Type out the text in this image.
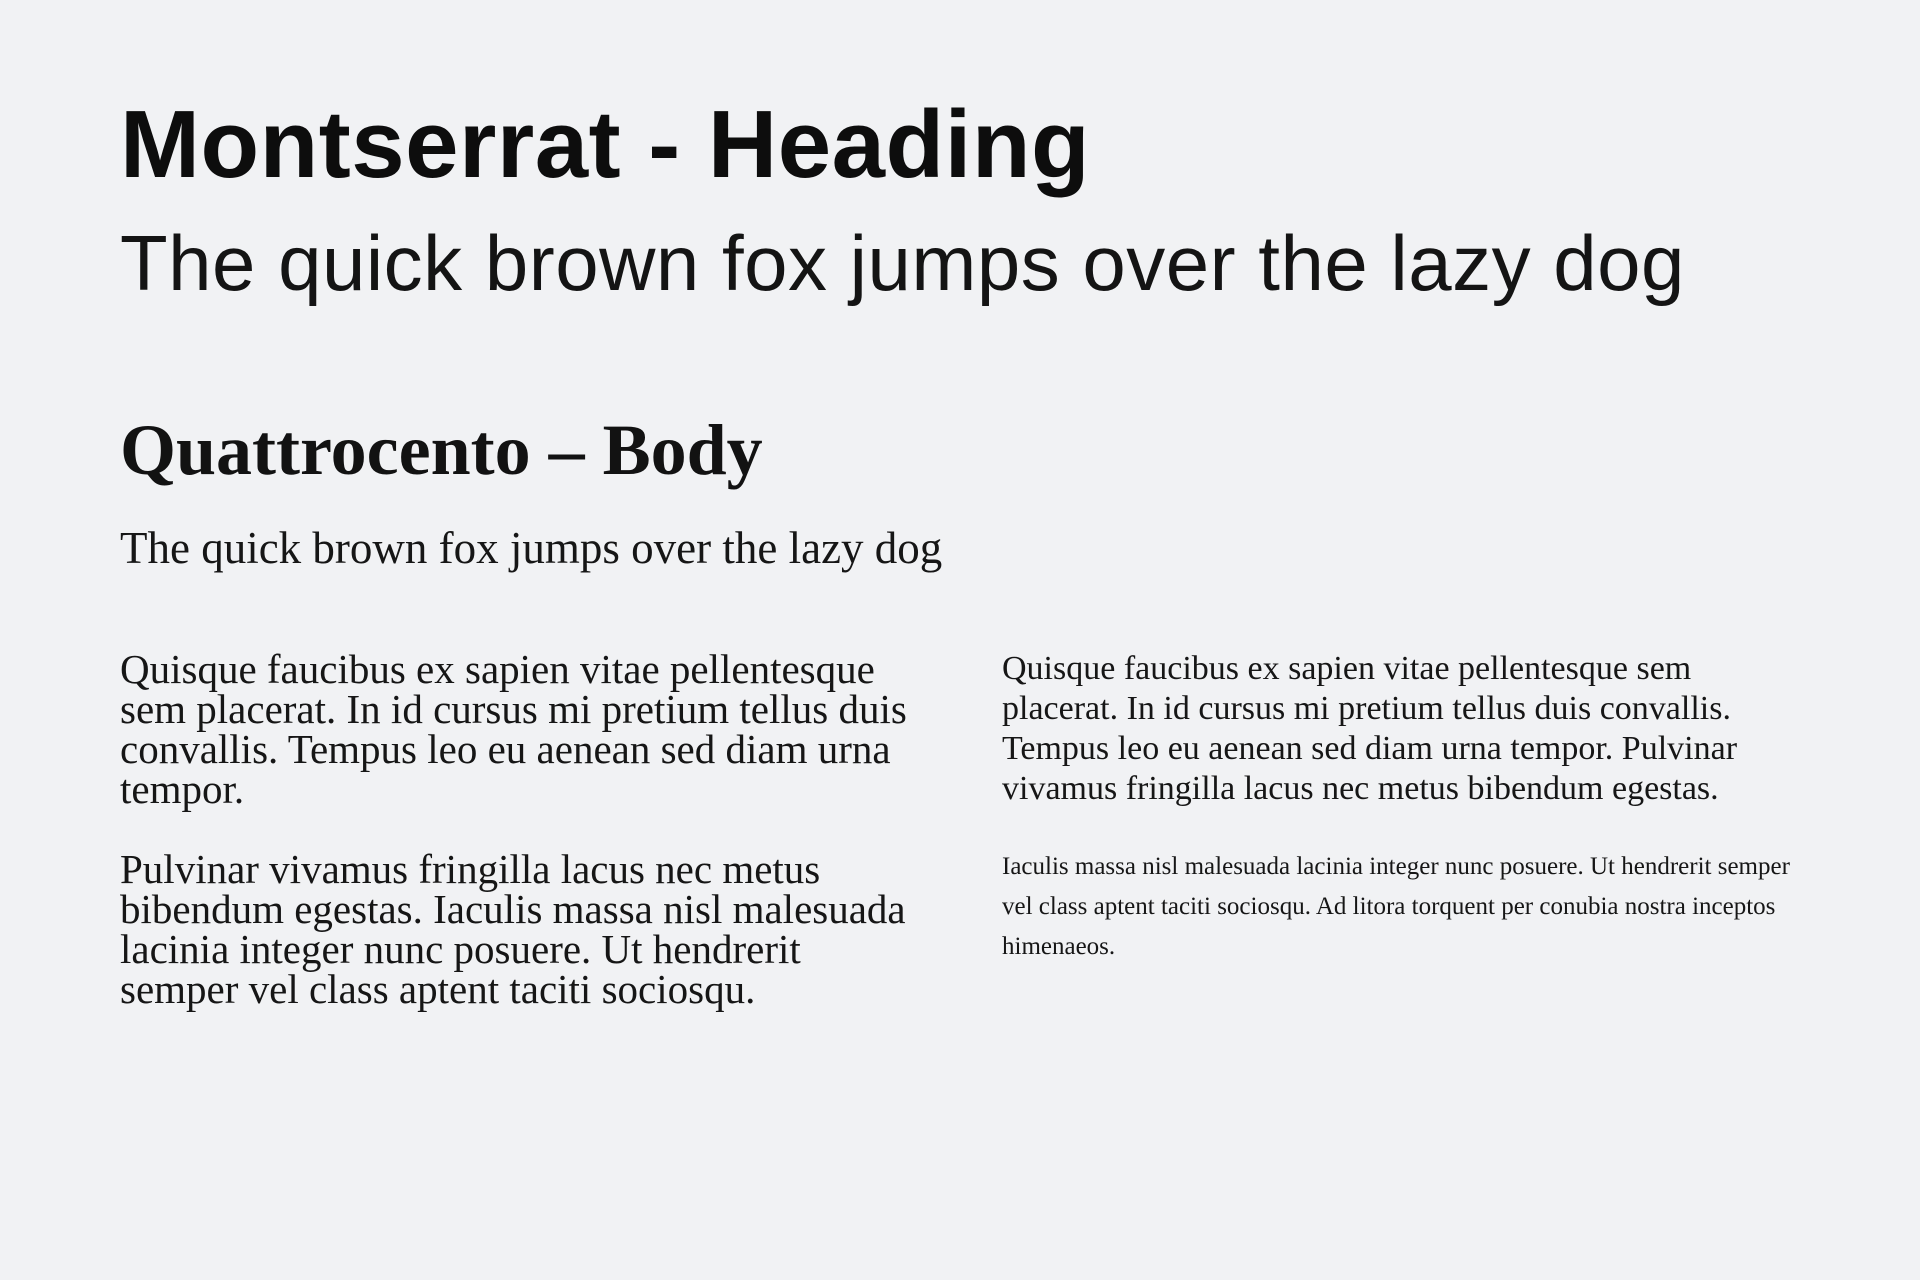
Montserrat - Heading
The quick brown fox jumps over the lazy dog
Quattrocento – Body
The quick brown fox jumps over the lazy dog

Quisque faucibus ex sapien vitae pellentesque sem placerat. In id cursus mi pretium tellus duis convallis. Tempus leo eu aenean sed diam urna tempor.

Pulvinar vivamus fringilla lacus nec metus bibendum egestas. Iaculis massa nisl malesuada lacinia integer nunc posuere. Ut hendrerit semper vel class aptent taciti sociosqu.

Quisque faucibus ex sapien vitae pellentesque sem placerat. In id cursus mi pretium tellus duis convallis. Tempus leo eu aenean sed diam urna tempor. Pulvinar vivamus fringilla lacus nec metus bibendum egestas.

Iaculis massa nisl malesuada lacinia integer nunc posuere. Ut hendrerit semper vel class aptent taciti sociosqu. Ad litora torquent per conubia nostra inceptos himenaeos.
